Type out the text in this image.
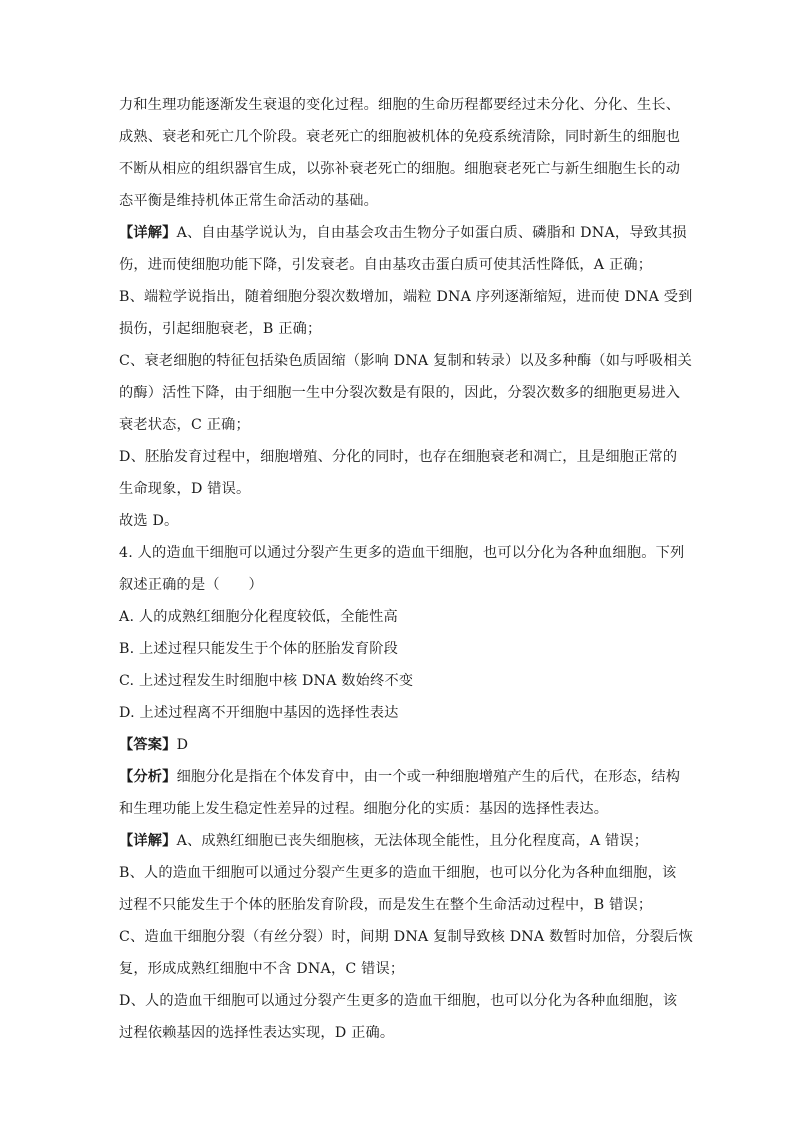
力和生理功能逐渐发生衰退的变化过程。细胞的生命历程都要经过未分化、分化、生长、
成熟、衰老和死亡几个阶段。衰老死亡的细胞被机体的免疫系统清除，同时新生的细胞也
不断从相应的组织器官生成，以弥补衰老死亡的细胞。细胞衰老死亡与新生细胞生长的动
态平衡是维持机体正常生命活动的基础。
【详解】A、自由基学说认为，自由基会攻击生物分子如蛋白质、磷脂和 DNA，导致其损
伤，进而使细胞功能下降，引发衰老。自由基攻击蛋白质可使其活性降低，A 正确；
B、端粒学说指出，随着细胞分裂次数增加，端粒 DNA 序列逐渐缩短，进而使 DNA 受到
损伤，引起细胞衰老，B 正确；
C、衰老细胞的特征包括染色质固缩（影响 DNA 复制和转录）以及多种酶（如与呼吸相关
的酶）活性下降，由于细胞一生中分裂次数是有限的，因此，分裂次数多的细胞更易进入
衰老状态，C 正确；
D、胚胎发育过程中，细胞增殖、分化的同时，也存在细胞衰老和凋亡，且是细胞正常的
生命现象，D 错误。
故选 D。
4. 人的造血干细胞可以通过分裂产生更多的造血干细胞，也可以分化为各种血细胞。下列
叙述正确的是（　　）
A. 人的成熟红细胞分化程度较低，全能性高
B. 上述过程只能发生于个体的胚胎发育阶段
C. 上述过程发生时细胞中核 DNA 数始终不变
D. 上述过程离不开细胞中基因的选择性表达
【答案】D
【分析】细胞分化是指在个体发育中，由一个或一种细胞增殖产生的后代，在形态，结构
和生理功能上发生稳定性差异的过程。细胞分化的实质：基因的选择性表达。
【详解】A、成熟红细胞已丧失细胞核，无法体现全能性，且分化程度高，A 错误；
B、人的造血干细胞可以通过分裂产生更多的造血干细胞，也可以分化为各种血细胞，该
过程不只能发生于个体的胚胎发育阶段，而是发生在整个生命活动过程中，B 错误；
C、造血干细胞分裂（有丝分裂）时，间期 DNA 复制导致核 DNA 数暂时加倍，分裂后恢
复，形成成熟红细胞中不含 DNA，C 错误；
D、人的造血干细胞可以通过分裂产生更多的造血干细胞，也可以分化为各种血细胞，该
过程依赖基因的选择性表达实现，D 正确。
